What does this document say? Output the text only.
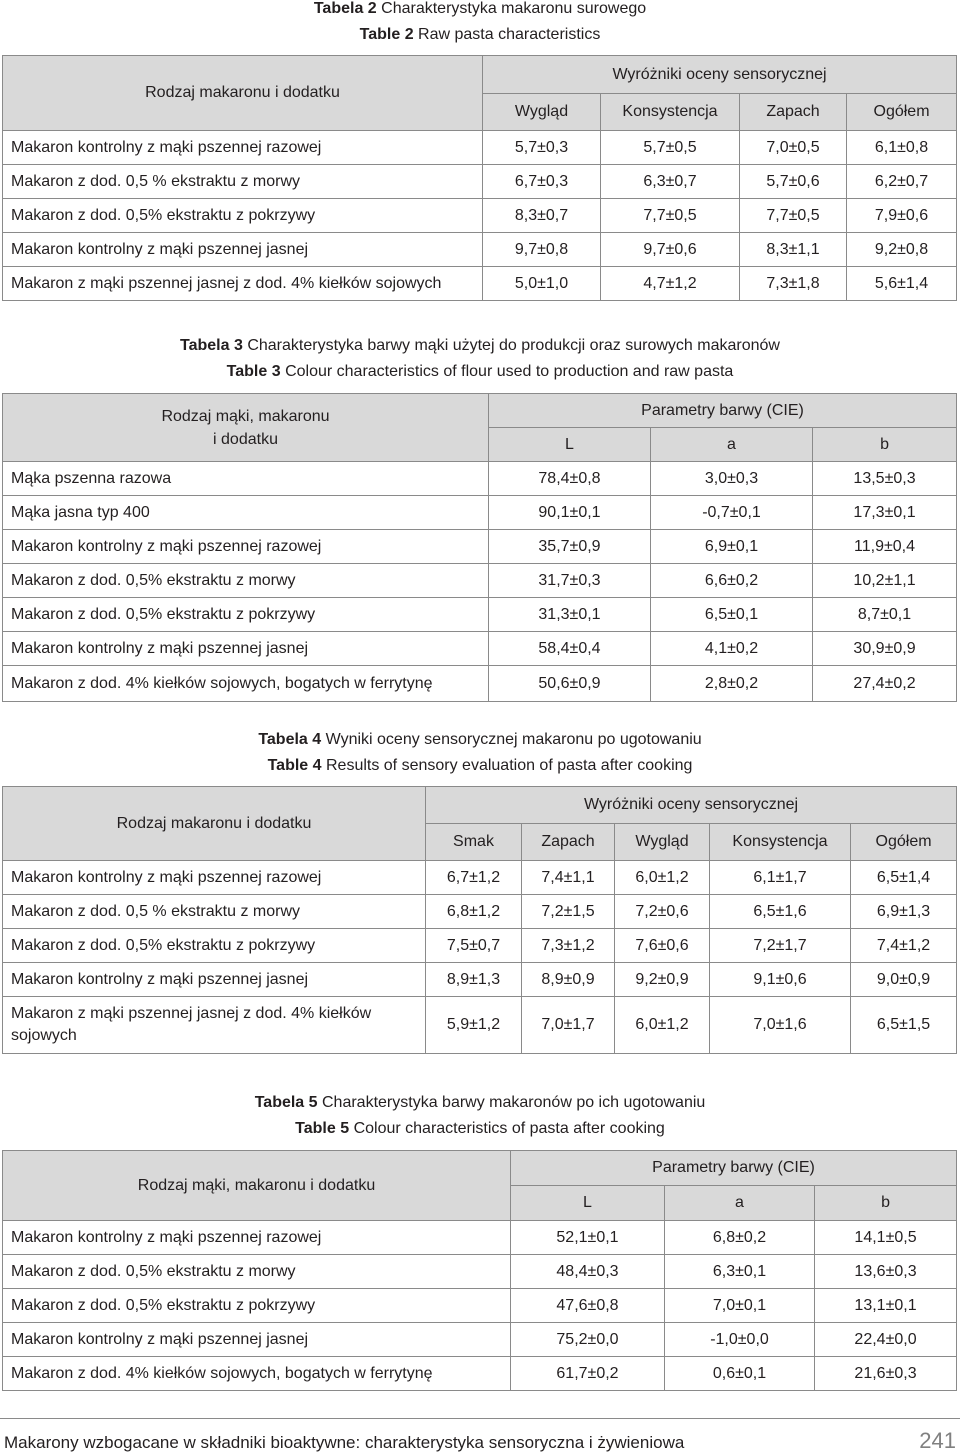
Tabela 2 Charakterystyka makaronu surowego
Table 2 Raw pasta characteristics
Rodzaj makaronu i dodatku	Wyróżniki oceny sensorycznej			
	Wygląd	Konsystencja	Zapach	Ogółem
Makaron kontrolny z mąki pszennej razowej	5,7±0,3	5,7±0,5	7,0±0,5	6,1±0,8
Makaron z dod. 0,5 % ekstraktu z morwy	6,7±0,3	6,3±0,7	5,7±0,6	6,2±0,7
Makaron z dod. 0,5% ekstraktu z pokrzywy	8,3±0,7	7,7±0,5	7,7±0,5	7,9±0,6
Makaron kontrolny z mąki pszennej jasnej	9,7±0,8	9,7±0,6	8,3±1,1	9,2±0,8
Makaron z mąki pszennej jasnej z dod. 4% kiełków sojowych	5,0±1,0	4,7±1,2	7,3±1,8	5,6±1,4
Tabela 3 Charakterystyka barwy mąki użytej do produkcji oraz surowych makaronów
Table 3 Colour characteristics of flour used to production and raw pasta
Rodzaj mąki, makaronu
i dodatku	Parametry barwy (CIE)		
	L	a	b
Mąka pszenna razowa	78,4±0,8	3,0±0,3	13,5±0,3
Mąka jasna typ 400	90,1±0,1	-0,7±0,1	17,3±0,1
Makaron kontrolny z mąki pszennej razowej	35,7±0,9	6,9±0,1	11,9±0,4
Makaron z dod. 0,5% ekstraktu z morwy	31,7±0,3	6,6±0,2	10,2±1,1
Makaron z dod. 0,5% ekstraktu z pokrzywy	31,3±0,1	6,5±0,1	8,7±0,1
Makaron kontrolny z mąki pszennej jasnej	58,4±0,4	4,1±0,2	30,9±0,9
Makaron z dod. 4% kiełków sojowych, bogatych w ferrytynę	50,6±0,9	2,8±0,2	27,4±0,2
Tabela 4 Wyniki oceny sensorycznej makaronu po ugotowaniu
Table 4 Results of sensory evaluation of pasta after cooking
Rodzaj makaronu i dodatku	Wyróżniki oceny sensorycznej				
	Smak	Zapach	Wygląd	Konsystencja	Ogółem
Makaron kontrolny z mąki pszennej razowej	6,7±1,2	7,4±1,1	6,0±1,2	6,1±1,7	6,5±1,4
Makaron z dod. 0,5 % ekstraktu z morwy	6,8±1,2	7,2±1,5	7,2±0,6	6,5±1,6	6,9±1,3
Makaron z dod. 0,5% ekstraktu z pokrzywy	7,5±0,7	7,3±1,2	7,6±0,6	7,2±1,7	7,4±1,2
Makaron kontrolny z mąki pszennej jasnej	8,9±1,3	8,9±0,9	9,2±0,9	9,1±0,6	9,0±0,9
Makaron z mąki pszennej jasnej z dod. 4% kiełków sojowych	5,9±1,2	7,0±1,7	6,0±1,2	7,0±1,6	6,5±1,5
Tabela 5 Charakterystyka barwy makaronów po ich ugotowaniu
Table 5 Colour characteristics of pasta after cooking
Rodzaj mąki, makaronu i dodatku	Parametry barwy (CIE)		
	L	a	b
Makaron kontrolny z mąki pszennej razowej	52,1±0,1	6,8±0,2	14,1±0,5
Makaron z dod. 0,5% ekstraktu z morwy	48,4±0,3	6,3±0,1	13,6±0,3
Makaron z dod. 0,5% ekstraktu z pokrzywy	47,6±0,8	7,0±0,1	13,1±0,1
Makaron kontrolny z mąki pszennej jasnej	75,2±0,0	-1,0±0,0	22,4±0,0
Makaron z dod. 4% kiełków sojowych, bogatych w ferrytynę	61,7±0,2	0,6±0,1	21,6±0,3
Makarony wzbogacane w składniki bioaktywne: charakterystyka sensoryczna i żywieniowa	241
